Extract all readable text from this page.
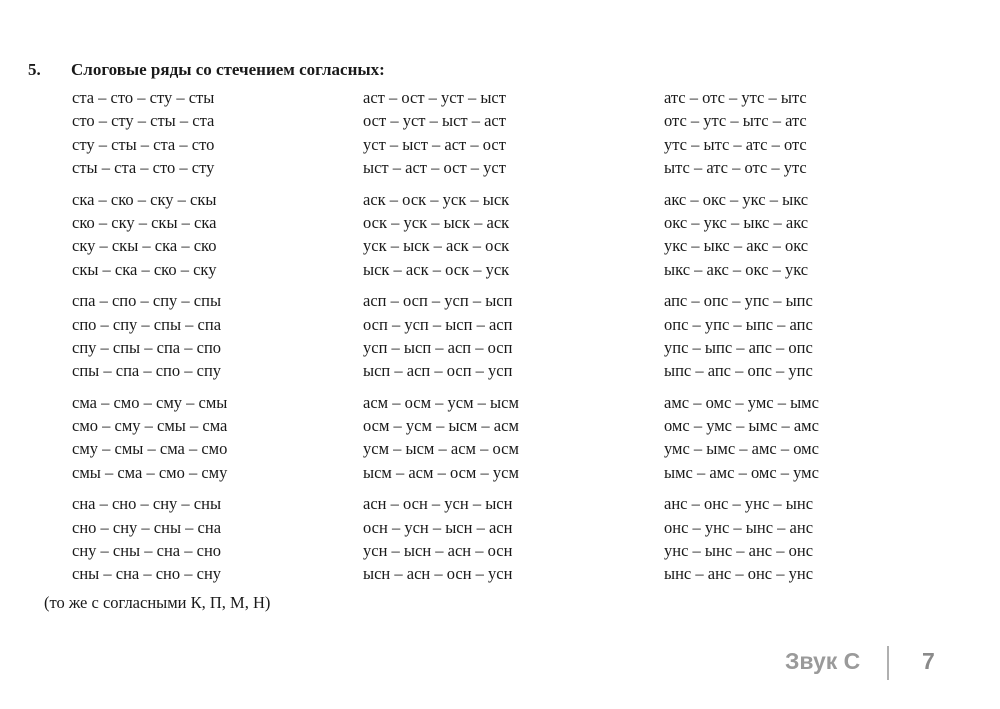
5. Слоговые ряды со стечением согласных:
ста – сто – сту – сты
сто – сту – сты – ста
сту – сты – ста – сто
сты – ста – сто – сту
ска – ско – ску – скы
ско – ску – скы – ска
ску – скы – ска – ско
скы – ска – ско – ску
спа – спо – спу – спы
спо – спу – спы – спа
спу – спы – спа – спо
спы – спа – спо – спу
сма – смо – сму – смы
смо – сму – смы – сма
сму – смы – сма – смо
смы – сма – смо – сму
сна – сно – сну – сны
сно – сну – сны – сна
сну – сны – сна – сно
сны – сна – сно – сну
аст – ост – уст – ыст
ост – уст – ыст – аст
уст – ыст – аст – ост
ыст – аст – ост – уст
аск – оск – уск – ыск
оск – уск – ыск – аск
уск – ыск – аск – оск
ыск – аск – оск – уск
асп – осп – усп – ысп
осп – усп – ысп – асп
усп – ысп – асп – осп
ысп – асп – осп – усп
асм – осм – усм – ысм
осм – усм – ысм – асм
усм – ысм – асм – осм
ысм – асм – осм – усм
асн – осн – усн – ысн
осн – усн – ысн – асн
усн – ысн – асн – осн
ысн – асн – осн – усн
атс – отс – утс – ытс
отс – утс – ытс – атс
утс – ытс – атс – отс
ытс – атс – отс – утс
акс – окс – укс – ыкс
окс – укс – ыкс – акс
укс – ыкс – акс – окс
ыкс – акс – окс – укс
апс – опс – упс – ыпс
опс – упс – ыпс – апс
упс – ыпс – апс – опс
ыпс – апс – опс – упс
амс – омс – умс – ымс
омс – умс – ымс – амс
умс – ымс – амс – омс
ымс – амс – омс – умс
анс – онс – унс – ынс
онс – унс – ынс – анс
унс – ынс – анс – онс
ынс – анс – онс – унс
(то же с согласными К, П, М, Н)
Звук С	7
